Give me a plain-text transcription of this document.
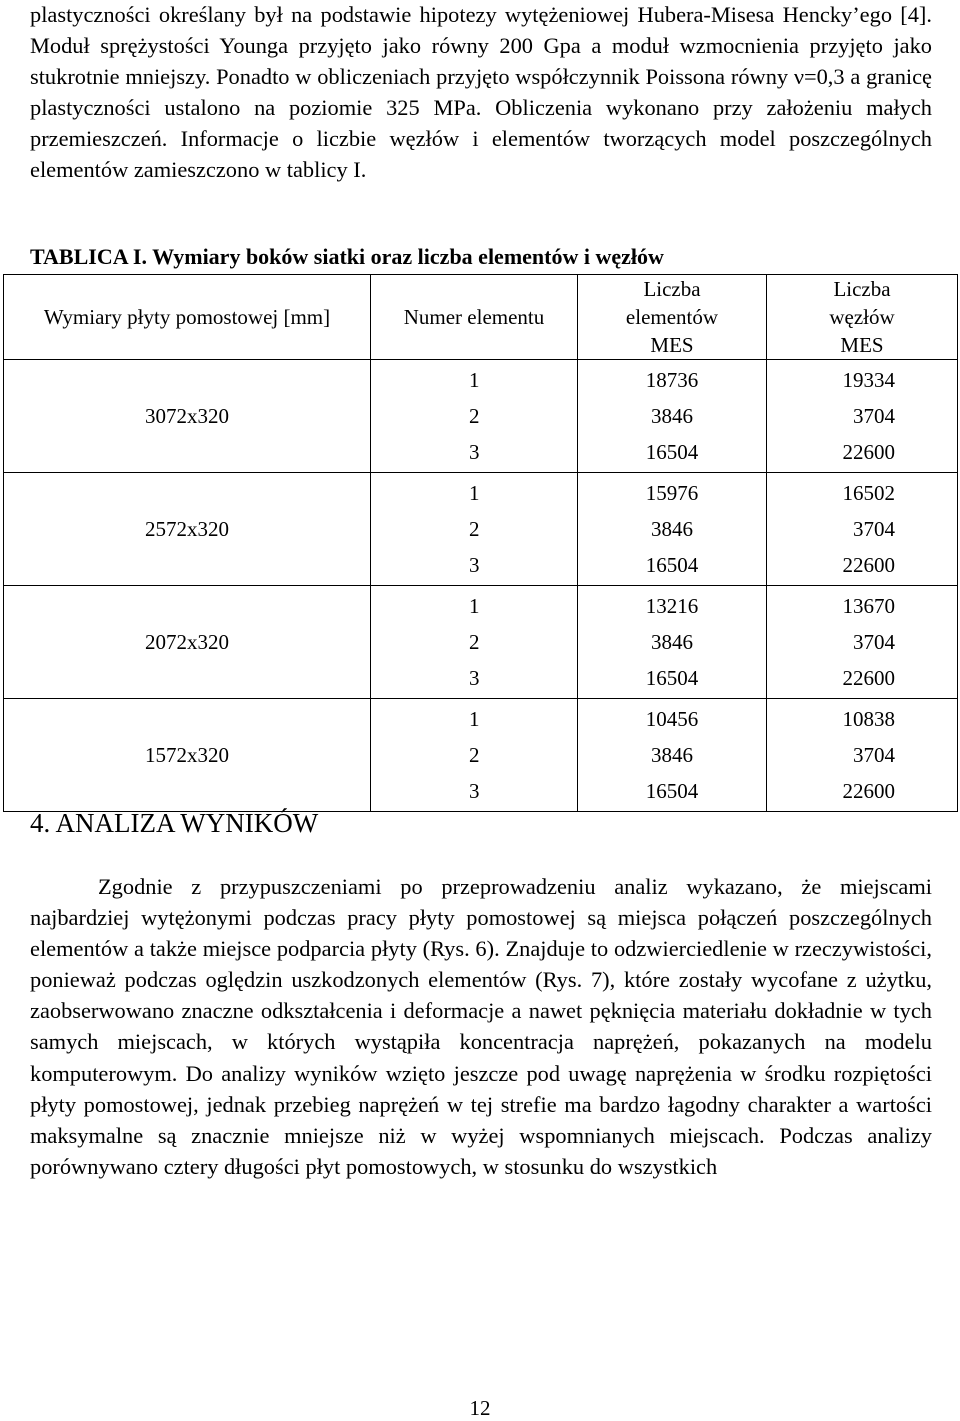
plastyczności określany był na podstawie hipotezy wytężeniowej Hubera-Misesa Hencky’ego [4]. Moduł sprężystości Younga przyjęto jako równy 200 Gpa a moduł wzmocnienia przyjęto jako stukrotnie mniejszy. Ponadto w obliczeniach przyjęto współczynnik Poissona równy ν=0,3 a granicę plastyczności ustalono na poziomie 325 MPa. Obliczenia wykonano przy założeniu małych przemieszczeń. Informacje o liczbie węzłów i elementów tworzących model poszczególnych elementów zamieszczono w tablicy I.

TABLICA I. Wymiary boków siatki oraz liczba elementów i węzłów

Wymiary płyty pomostowej [mm]	Numer elementu	Liczba elementów MES	Liczba węzłów MES
3072x320	1	18736	19334
	2	3846	3704
	3	16504	22600
2572x320	1	15976	16502
	2	3846	3704
	3	16504	22600
2072x320	1	13216	13670
	2	3846	3704
	3	16504	22600
1572x320	1	10456	10838
	2	3846	3704
	3	16504	22600
4. ANALIZA WYNIKÓW

Zgodnie z przypuszczeniami po przeprowadzeniu analiz wykazano, że miejscami najbardziej wytężonymi podczas pracy płyty pomostowej są miejsca połączeń poszczególnych elementów a także miejsce podparcia płyty (Rys. 6). Znajduje to odzwierciedlenie w rzeczywistości, ponieważ podczas oględzin uszkodzonych elementów (Rys. 7), które zostały wycofane z użytku, zaobserwowano znaczne odkształcenia i deformacje a nawet pęknięcia materiału dokładnie w tych samych miejscach, w których wystąpiła koncentracja naprężeń, pokazanych na modelu komputerowym. Do analizy wyników wzięto jeszcze pod uwagę naprężenia w środku rozpiętości płyty pomostowej, jednak przebieg naprężeń w tej strefie ma bardzo łagodny charakter a wartości maksymalne są znacznie mniejsze niż w wyżej wspomnianych miejscach. Podczas analizy porównywano cztery długości płyt pomostowych, w stosunku do wszystkich

12
